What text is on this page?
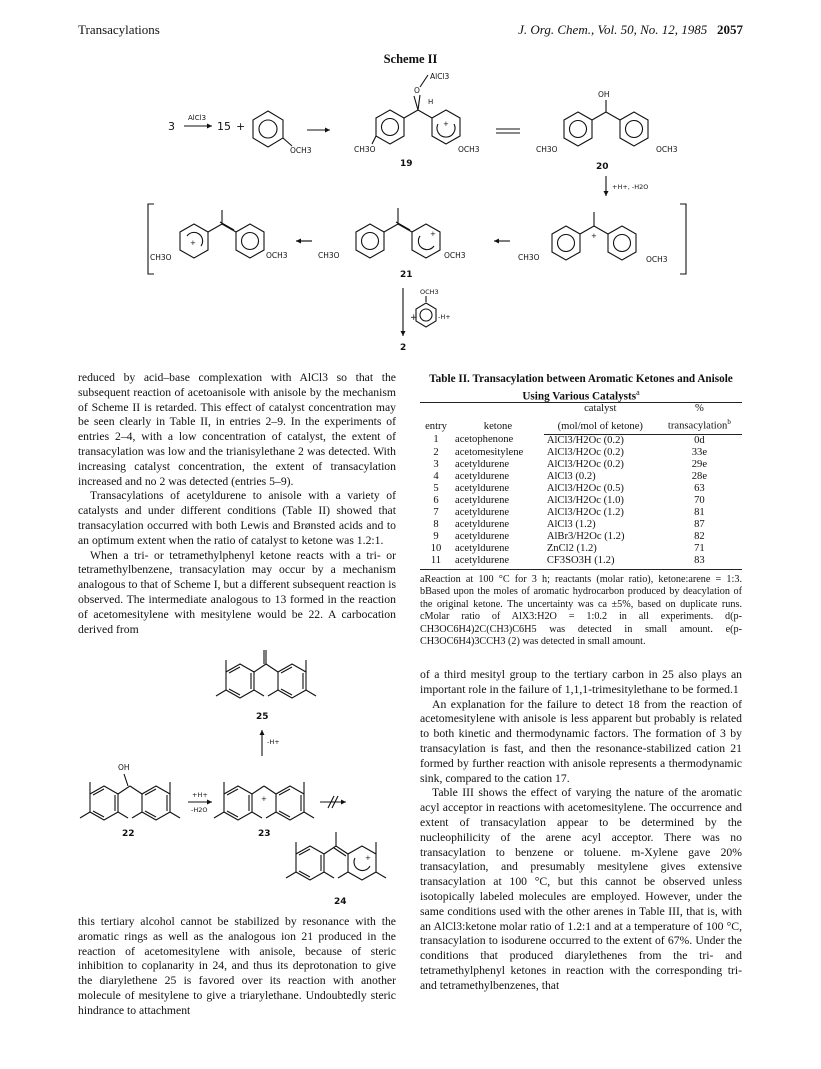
Transacylations	J. Org. Chem., Vol. 50, No. 12, 1985 2057
Scheme II
3
AlCl3
15 +
OCH3	CH3O
O
AlCl3
H
+
OCH3
19
CH3O
OH
OCH3
20
+H+, -H2O
CH3O
+
OCH3	CH3O
+
OCH3	CH3O
+
OCH3
21
OCH3
+	-H+
2

reduced by acid–base complexation with AlCl3 so that the subsequent reaction of acetoanisole with anisole by the mechanism of Scheme II is retarded. This effect of catalyst concentration may be seen clearly in Table II, in entries 2–9. In the experiments of entries 2–4, with a low concentration of catalyst, the extent of transacylation was low and the trianisylethane 2 was detected. With increasing catalyst concentration, the extent of transacylation increased and no 2 was detected (entries 5–9).

Transacylations of acetyldurene to anisole with a variety of catalysts and under different conditions (Table II) showed that transacylation occurred with both Lewis and Brønsted acids and to an optimum extent when the ratio of catalyst to ketone was 1.2:1.

When a tri- or tetramethylphenyl ketone reacts with a tri- or tetramethylbenzene, transacylation may occur by a mechanism analogous to that of Scheme I, but a different subsequent reaction is observed. The intermediate analogous to 13 formed in the reaction of acetomesitylene with mesitylene would be 22. A carbocation derived from

25
-H+
OH
22
+H+
-H2O
+
23
+
24

this tertiary alcohol cannot be stabilized by resonance with the aromatic rings as well as the analogous ion 21 produced in the reaction of acetomesitylene with anisole, because of steric inhibition to coplanarity in 24, and thus its deprotonation to give the diarylethene 25 is favored over its reaction with another molecule of mesitylene to give a triarylethane. Undoubtedly steric hindrance to attachment

Table II. Transacylation between Aromatic Ketones and Anisole Using Various Catalysts$^a$
entry	ketone	catalyst	%
		(mol/mol of ketone)	transacylation$^b$
1	acetophenone	AlCl3/H2Oc (0.2)	0d
2	acetomesitylene	AlCl3/H2Oc (0.2)	33e
3	acetyldurene	AlCl3/H2Oc (0.2)	29e
4	acetyldurene	AlCl3 (0.2)	28e
5	acetyldurene	AlCl3/H2Oc (0.5)	63
6	acetyldurene	AlCl3/H2Oc (1.0)	70
7	acetyldurene	AlCl3/H2Oc (1.2)	81
8	acetyldurene	AlCl3 (1.2)	87
9	acetyldurene	AlBr3/H2Oc (1.2)	82
10	acetyldurene	ZnCl2 (1.2)	71
11	acetyldurene	CF3SO3H (1.2)	83
aReaction at 100 °C for 3 h; reactants (molar ratio), ketone:arene = 1:3. bBased upon the moles of aromatic hydrocarbon produced by deacylation of the original ketone. The uncertainty was ca ±5%, based on duplicate runs. cMolar ratio of AlX3:H2O = 1:0.2 in all experiments. d(p-CH3OC6H4)2C(CH3)C6H5 was detected in small amount. e(p-CH3OC6H4)3CCH3 (2) was detected in small amount.

of a third mesityl group to the tertiary carbon in 25 also plays an important role in the failure of 1,1,1-trimesitylethane to be formed.1

An explanation for the failure to detect 18 from the reaction of acetomesitylene with anisole is less apparent but probably is related to both kinetic and thermodynamic factors. The formation of 3 by transacylation is fast, and then the resonance-stabilized cation 21 formed by further reaction with anisole represents a thermodynamic sink, compared to the cation 17.

Table III shows the effect of varying the nature of the aromatic acyl acceptor in reactions with acetomesitylene. The occurrence and extent of transacylation appear to be determined by the nucleophilicity of the arene acyl acceptor. There was no transacylation to benzene or toluene. m-Xylene gave 20% transacylation, and presumably mesitylene gives extensive transacylation at 100 °C, but this cannot be observed unless isotopically labeled molecules are employed. However, under the same conditions used with the other arenes in Table III, that is, with an AlCl3:ketone molar ratio of 1.2:1 and at a temperature of 100 °C, transacylation to isodurene occurred to the extent of 67%. Under the conditions that produced diarylethenes from the tri- and tetramethylphenyl ketones in reaction with the corresponding tri- and tetramethylbenzenes, that
